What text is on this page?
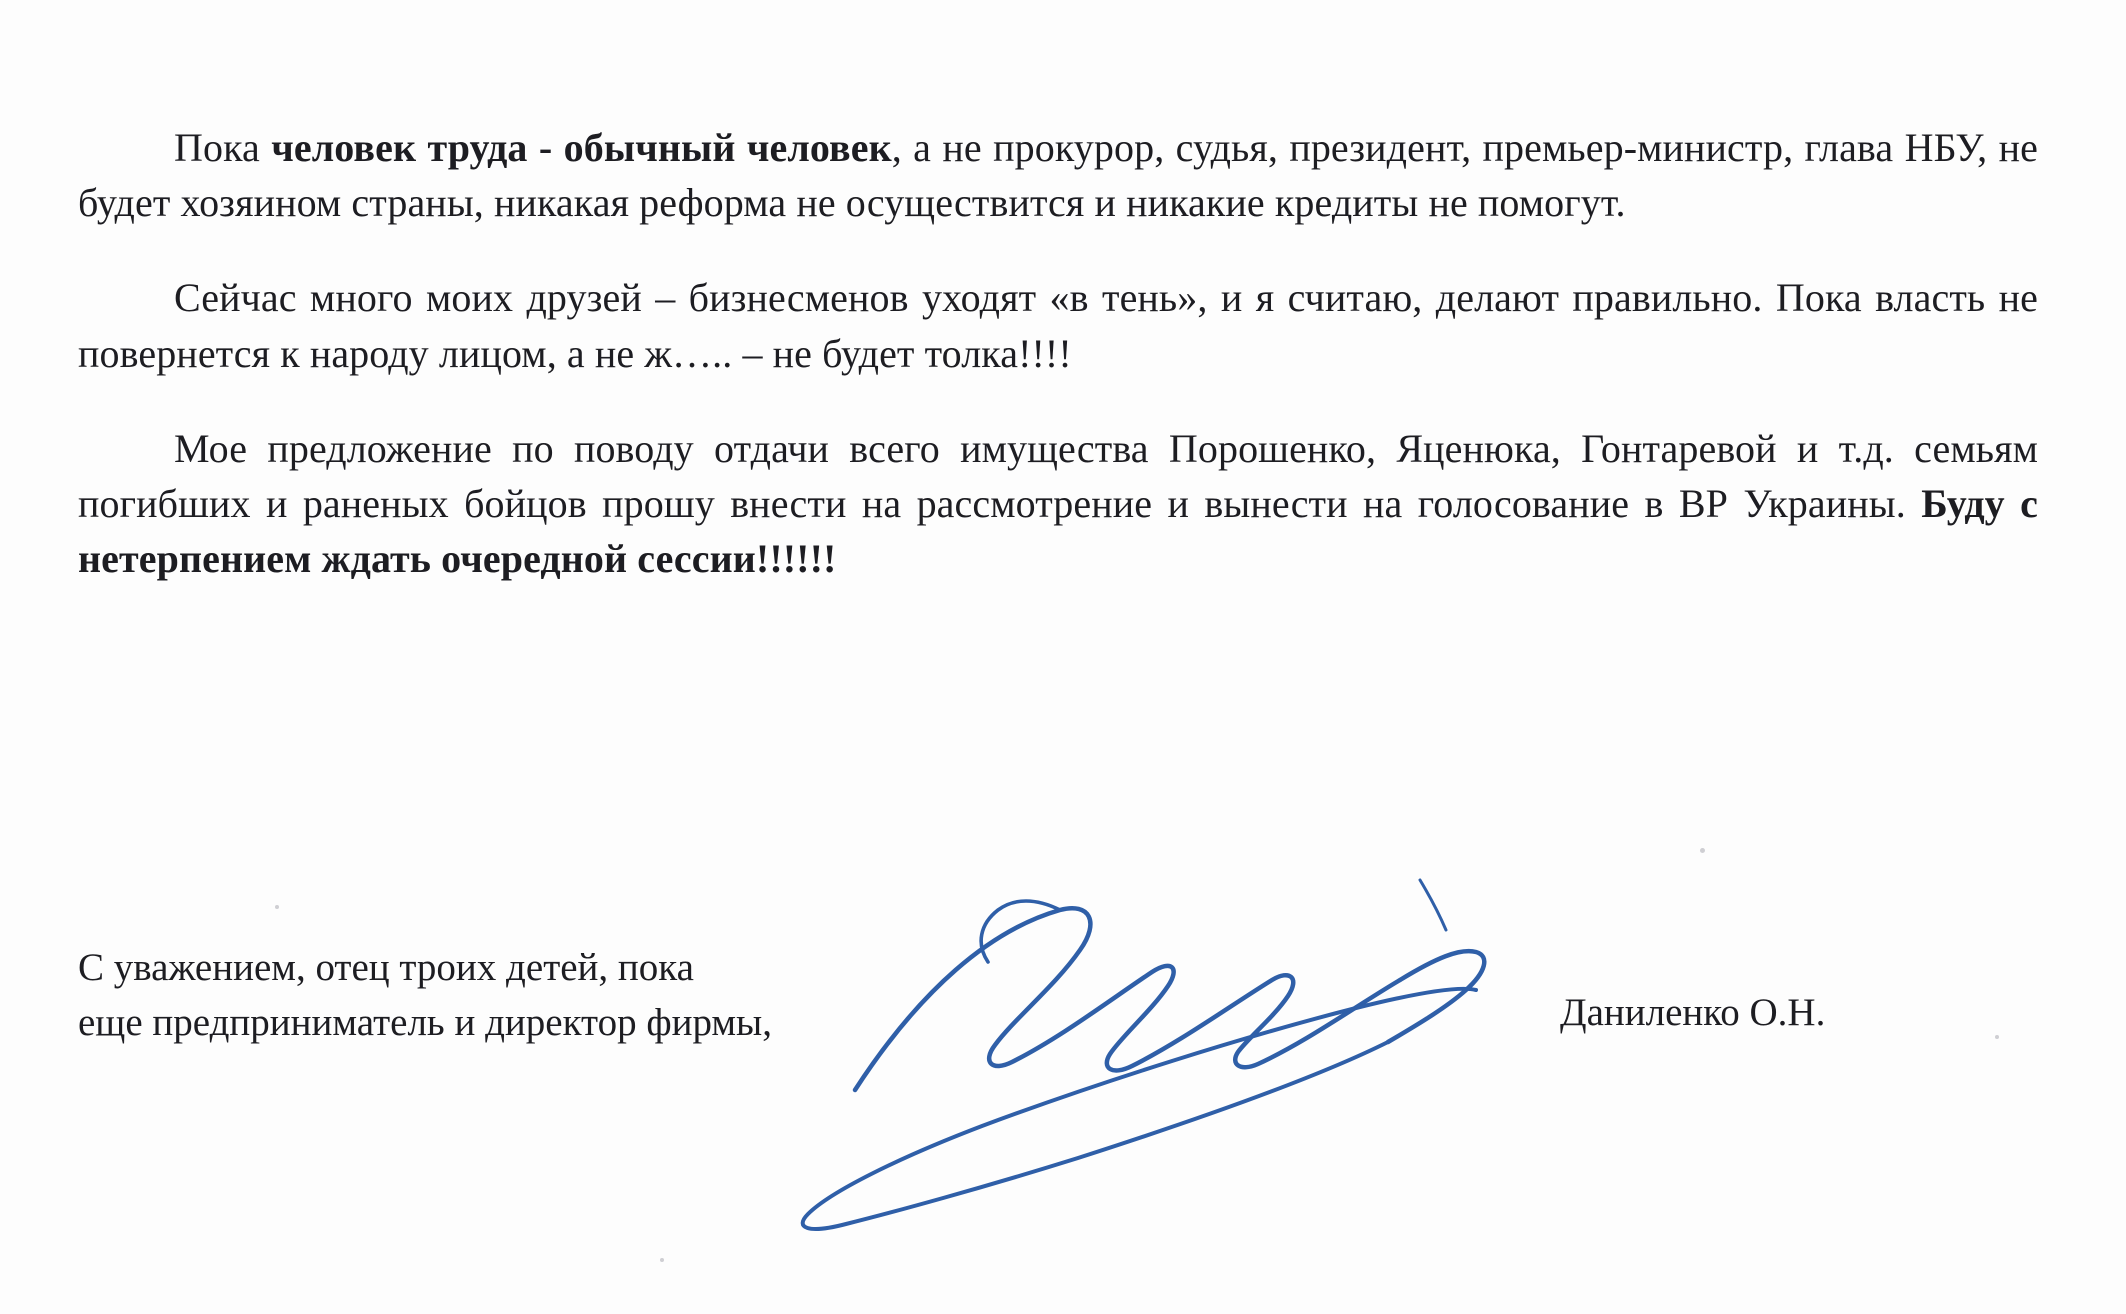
Пока человек труда - обычный человек, а не прокурор, судья, президент, премьер-министр, глава НБУ, не будет хозяином страны, никакая реформа не осуществится и никакие кредиты не помогут.

Сейчас много моих друзей – бизнесменов уходят «в тень», и я считаю, делают правильно. Пока власть не повернется к народу лицом, а не ж….. – не будет толка!!!!

Мое предложение по поводу отдачи всего имущества Порошенко, Яценюка, Гонтаревой и т.д. семьям погибших и раненых бойцов прошу внести на рассмотрение и вынести на голосование в ВР Украины. Буду с нетерпением ждать очередной сессии!!!!!!

С уважением, отец троих детей, пока
еще предприниматель и директор фирмы,	Даниленко О.Н.
